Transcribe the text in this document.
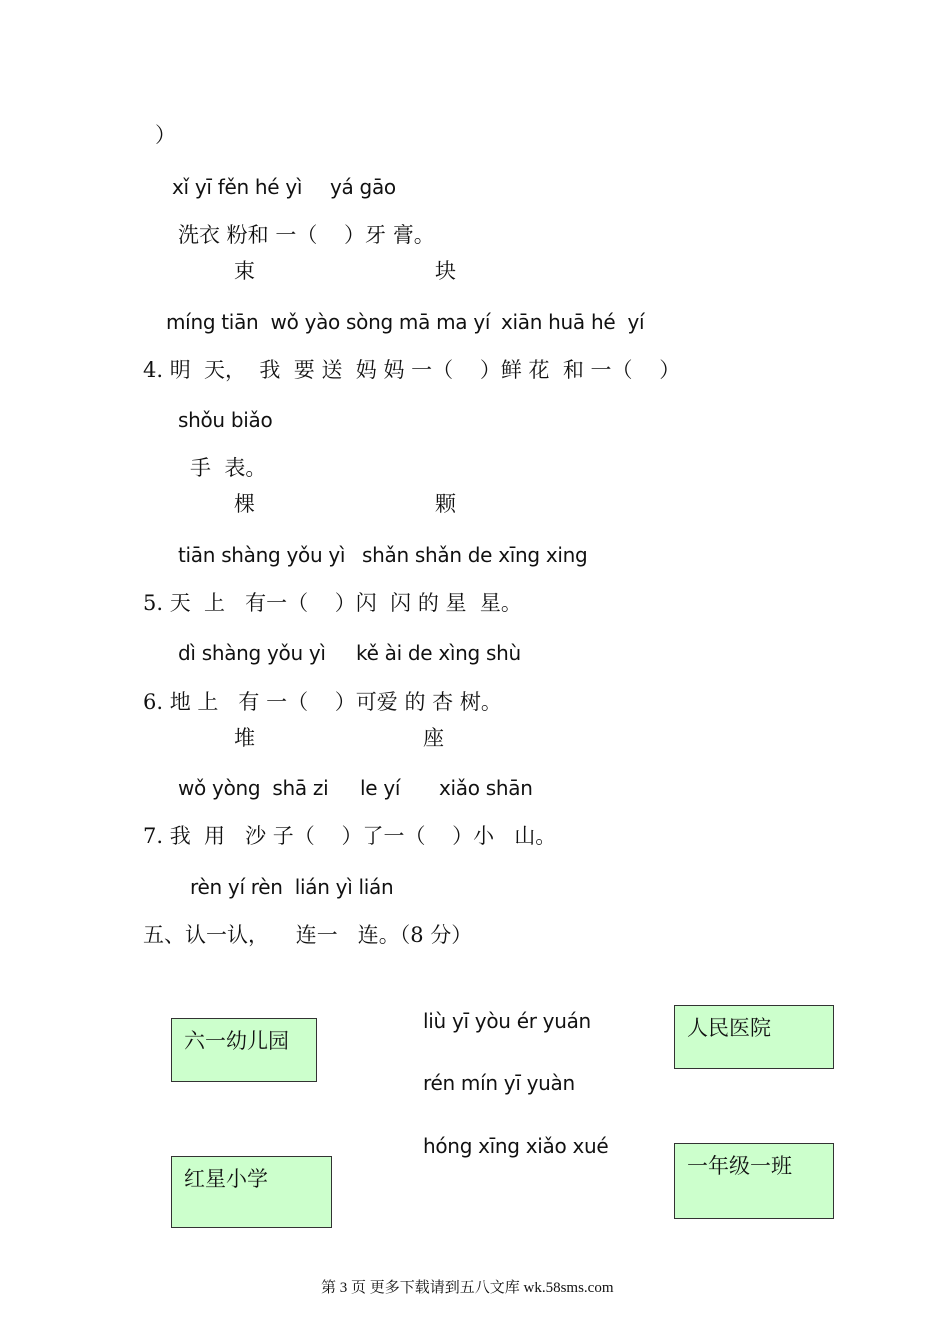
）
xǐ yī fěn hé yì yá gāo
洗衣 粉和 一（    ）牙 膏。
束	块
míng tiān  wǒ yào sòng mā ma yí xiān huā hé  yí
4. 明  天，  我  要 送  妈 妈 一（    ）鲜 花  和 一（    ）
shǒu biǎo
手  表。
棵	颗
tiān shàng yǒu yì shǎn shǎn de xīng xing
5. 天  上   有一（    ）闪  闪 的 星  星。
dì shàng yǒu yì kě ài de xìng shù
6. 地 上   有 一（    ）可爱 的 杏 树。
堆	座
wǒ yòng  shā zi le yí xiǎo shān
7. 我  用   沙 子（    ）了一（    ）小   山。
rèn yí rèn  lián yì lián
五、认一认，    连一   连。（8 分）
六一幼儿园
红星小学
liù yī yòu ér yuán
rén mín yī yuàn
hóng xīng xiǎo xué
人民医院
一年级一班
第 3 页 更多下载请到五八文库 wk.58sms.com
